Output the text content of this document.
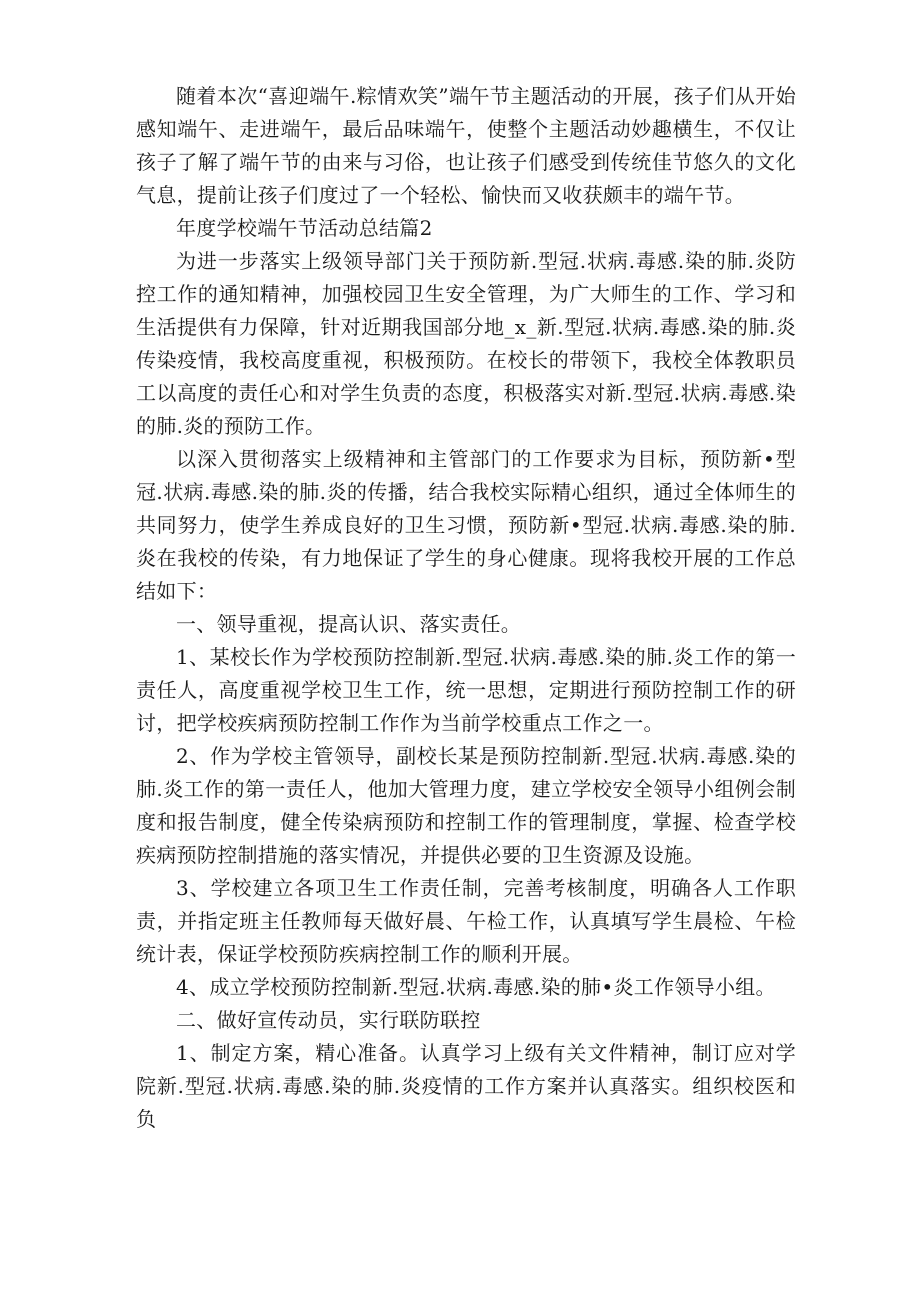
随着本次“喜迎端午.粽情欢笑”端午节主题活动的开展，孩子们从开始感知端午、走进端午，最后品味端午，使整个主题活动妙趣横生，不仅让孩子了解了端午节的由来与习俗，也让孩子们感受到传统佳节悠久的文化气息，提前让孩子们度过了一个轻松、愉快而又收获颇丰的端午节。

年度学校端午节活动总结篇2

为进一步落实上级领导部门关于预防新.型冠.状病.毒感.染的肺.炎防控工作的通知精神，加强校园卫生安全管理，为广大师生的工作、学习和生活提供有力保障，针对近期我国部分地_x_新.型冠.状病.毒感.染的肺.炎传染疫情，我校高度重视，积极预防。在校长的带领下，我校全体教职员工以高度的责任心和对学生负责的态度，积极落实对新.型冠.状病.毒感.染的肺.炎的预防工作。

以深入贯彻落实上级精神和主管部门的工作要求为目标，预防新•型冠.状病.毒感.染的肺.炎的传播，结合我校实际精心组织，通过全体师生的共同努力，使学生养成良好的卫生习惯，预防新•型冠.状病.毒感.染的肺.炎在我校的传染，有力地保证了学生的身心健康。现将我校开展的工作总结如下：

一、领导重视，提高认识、落实责任。

1、某校长作为学校预防控制新.型冠.状病.毒感.染的肺.炎工作的第一责任人，高度重视学校卫生工作，统一思想，定期进行预防控制工作的研讨，把学校疾病预防控制工作作为当前学校重点工作之一。

2、作为学校主管领导，副校长某是预防控制新.型冠.状病.毒感.染的肺.炎工作的第一责任人，他加大管理力度，建立学校安全领导小组例会制度和报告制度，健全传染病预防和控制工作的管理制度，掌握、检查学校疾病预防控制措施的落实情况，并提供必要的卫生资源及设施。

3、学校建立各项卫生工作责任制，完善考核制度，明确各人工作职责，并指定班主任教师每天做好晨、午检工作，认真填写学生晨检、午检统计表，保证学校预防疾病控制工作的顺利开展。

4、成立学校预防控制新.型冠.状病.毒感.染的肺•炎工作领导小组。

二、做好宣传动员，实行联防联控

1、制定方案，精心准备。认真学习上级有关文件精神，制订应对学院新.型冠.状病.毒感.染的肺.炎疫情的工作方案并认真落实。组织校医和负
